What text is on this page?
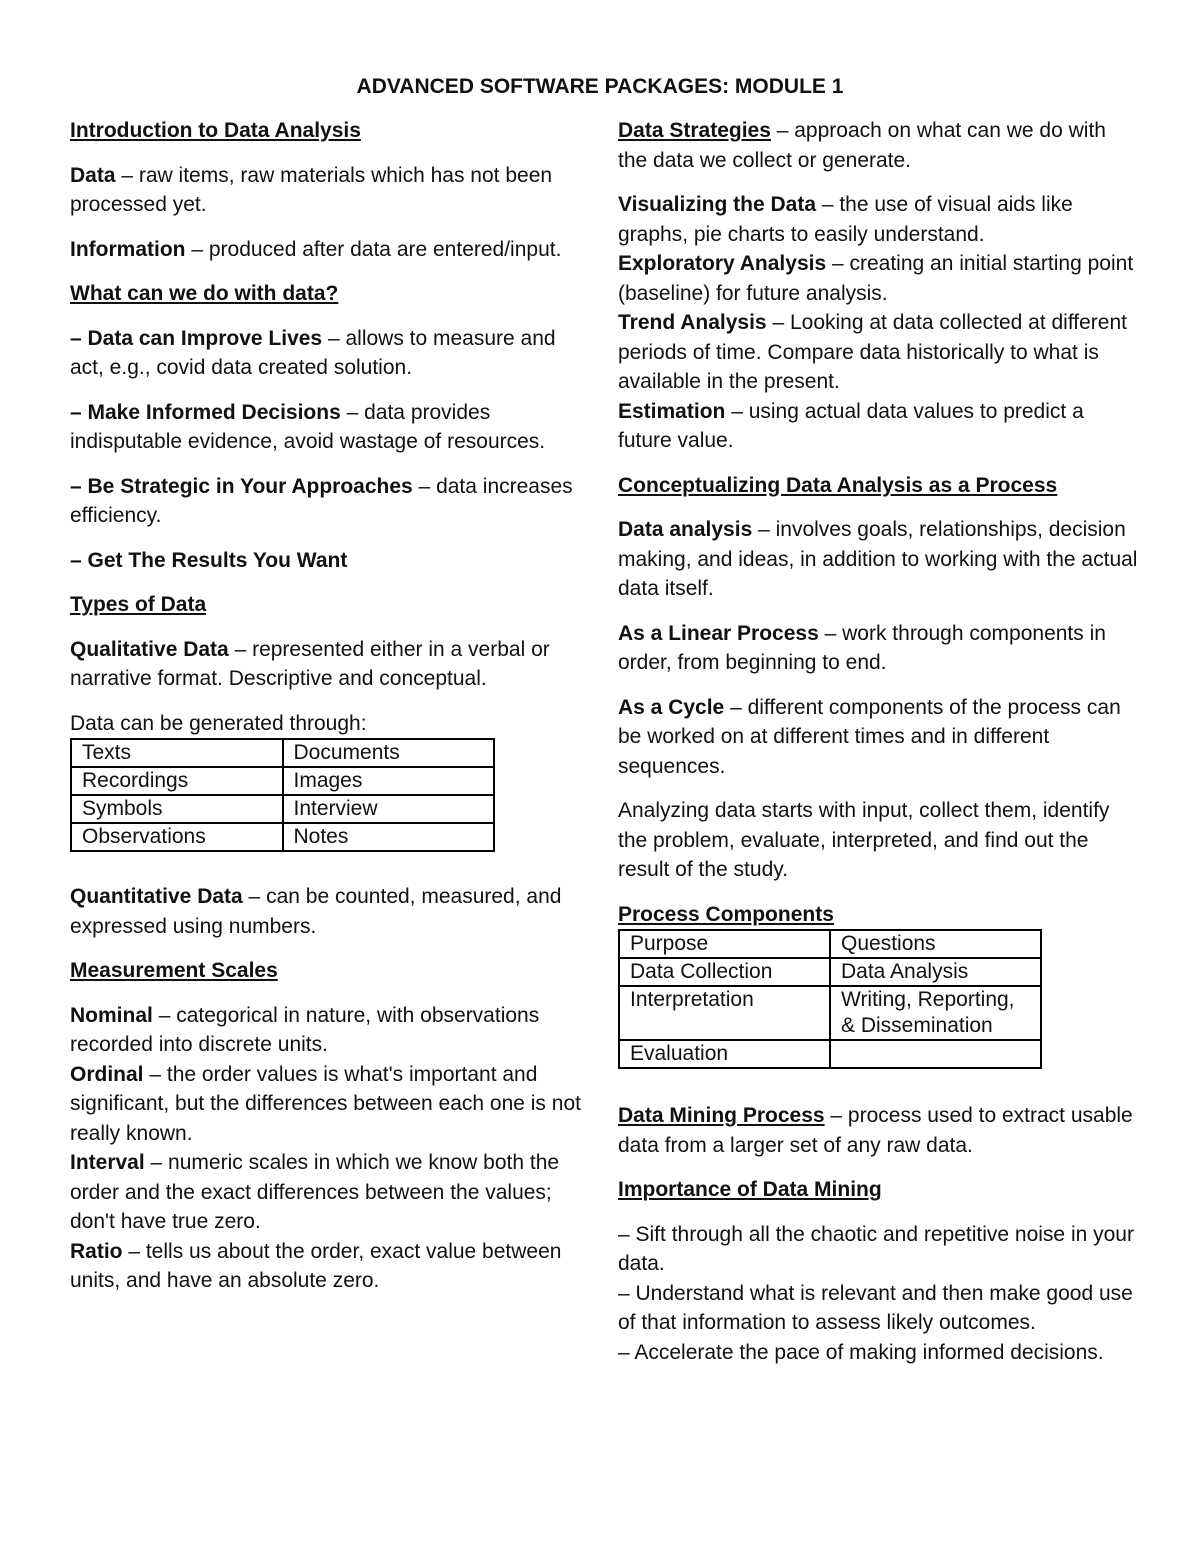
ADVANCED SOFTWARE PACKAGES: MODULE 1

Introduction to Data Analysis

Data – raw items, raw materials which has not been processed yet.

Information – produced after data are entered/input.

What can we do with data?

– Data can Improve Lives – allows to measure and act, e.g., covid data created solution.

– Make Informed Decisions – data provides indisputable evidence, avoid wastage of resources.

– Be Strategic in Your Approaches – data increases efficiency.

– Get The Results You Want

Types of Data

Qualitative Data – represented either in a verbal or narrative format. Descriptive and conceptual.

Data can be generated through:

Texts	Documents
Recordings	Images
Symbols	Interview
Observations	Notes

Quantitative Data – can be counted, measured, and expressed using numbers.

Measurement Scales

Nominal – categorical in nature, with observations recorded into discrete units.

Ordinal – the order values is what's important and significant, but the differences between each one is not really known.

Interval – numeric scales in which we know both the order and the exact differences between the values; don't have true zero.

Ratio – tells us about the order, exact value between units, and have an absolute zero.

Data Strategies – approach on what can we do with the data we collect or generate.

Visualizing the Data – the use of visual aids like graphs, pie charts to easily understand.

Exploratory Analysis – creating an initial starting point (baseline) for future analysis.

Trend Analysis – Looking at data collected at different periods of time. Compare data historically to what is available in the present.

Estimation – using actual data values to predict a future value.

Conceptualizing Data Analysis as a Process

Data analysis – involves goals, relationships, decision making, and ideas, in addition to working with the actual data itself.

As a Linear Process – work through components in order, from beginning to end.

As a Cycle – different components of the process can be worked on at different times and in different sequences.

Analyzing data starts with input, collect them, identify the problem, evaluate, interpreted, and find out the result of the study.

Process Components

Purpose	Questions
Data Collection	Data Analysis
Interpretation	Writing, Reporting, & Dissemination
Evaluation	

Data Mining Process – process used to extract usable data from a larger set of any raw data.

Importance of Data Mining

– Sift through all the chaotic and repetitive noise in your data.

– Understand what is relevant and then make good use of that information to assess likely outcomes.

– Accelerate the pace of making informed decisions.
